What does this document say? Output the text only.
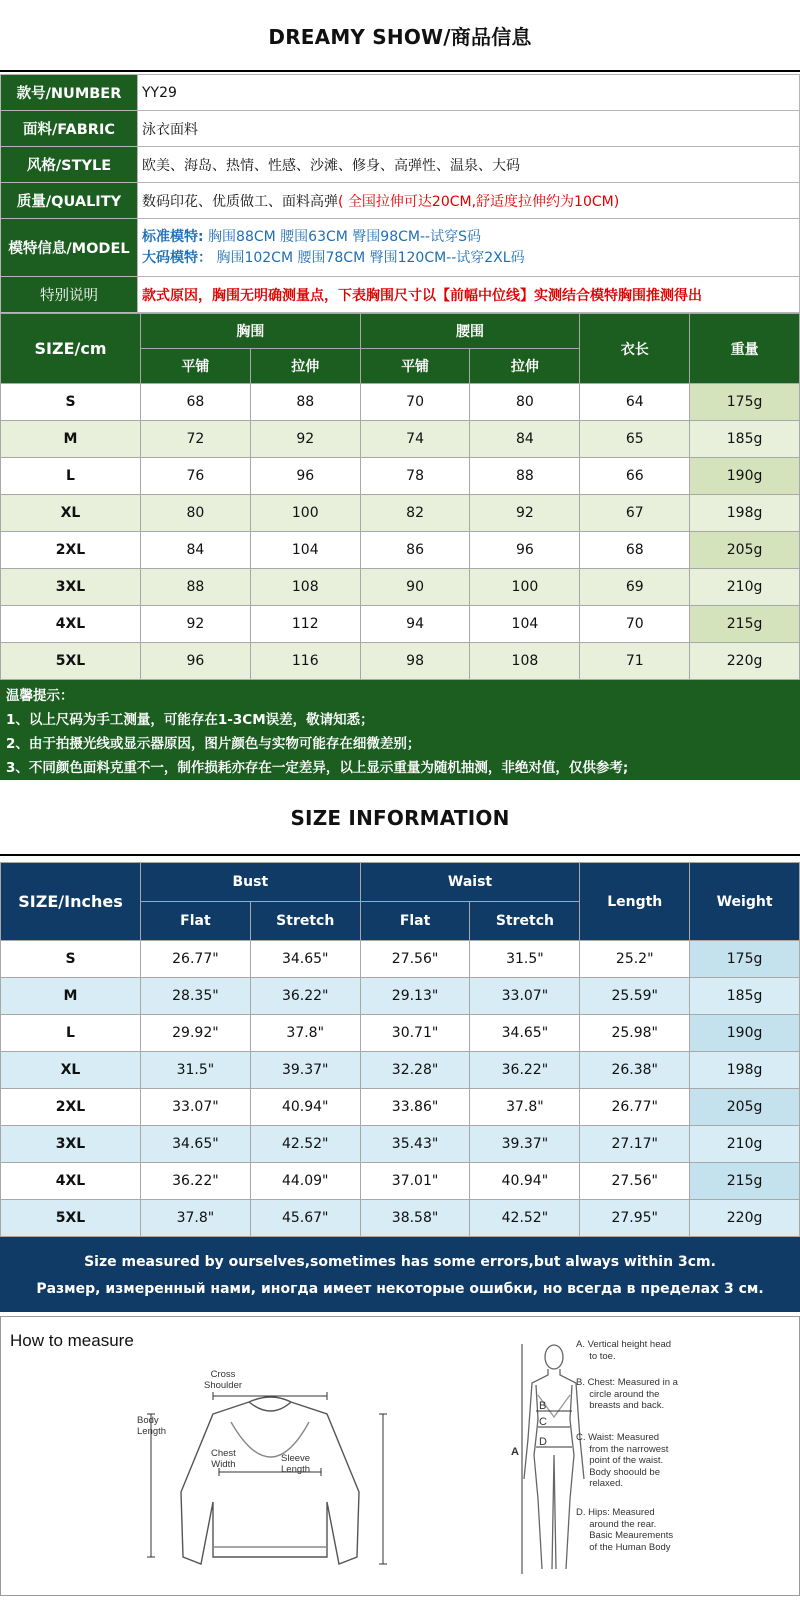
DREAMY SHOW/商品信息
款号/NUMBER	YY29
面料/FABRIC	泳衣面料
风格/STYLE	欧美、海岛、热情、性感、沙滩、修身、高弹性、温泉、大码
质量/QUALITY	数码印花、优质做工、面料高弹( 全国拉伸可达20CM,舒适度拉伸约为10CM)
模特信息/MODEL	标准模特: 胸围88CM 腰围63CM 臀围98CM--试穿S码
大码模特： 胸围102CM 腰围78CM 臀围120CM--试穿2XL码

特别说明	款式原因，胸围无明确测量点，下表胸围尺寸以【前幅中位线】实测结合模特胸围推测得出
SIZE/cm	胸围		腰围		衣长	重量
	平铺	拉伸	平铺	拉伸		
S	68	88	70	80	64	175g
M	72	92	74	84	65	185g
L	76	96	78	88	66	190g
XL	80	100	82	92	67	198g
2XL	84	104	86	96	68	205g
3XL	88	108	90	100	69	210g
4XL	92	112	94	104	70	215g
5XL	96	116	98	108	71	220g
温馨提示：
1、以上尺码为手工测量，可能存在1-3CM误差，敬请知悉；
2、由于拍摄光线或显示器原因，图片颜色与实物可能存在细微差别；
3、不同颜色面料克重不一，制作损耗亦存在一定差异，以上显示重量为随机抽测，非绝对值，仅供参考;
SIZE INFORMATION
SIZE/Inches	Bust		Waist		Length	Weight
	Flat	Stretch	Flat	Stretch		
S	26.77"	34.65"	27.56"	31.5"	25.2"	175g
M	28.35"	36.22"	29.13"	33.07"	25.59"	185g
L	29.92"	37.8"	30.71"	34.65"	25.98"	190g
XL	31.5"	39.37"	32.28"	36.22"	26.38"	198g
2XL	33.07"	40.94"	33.86"	37.8"	26.77"	205g
3XL	34.65"	42.52"	35.43"	39.37"	27.17"	210g
4XL	36.22"	44.09"	37.01"	40.94"	27.56"	215g
5XL	37.8"	45.67"	38.58"	42.52"	27.95"	220g
Size measured by ourselves,sometimes has some errors,but always within 3cm.
Размер, измеренный нами, иногда имеет некоторые ошибки, но всегда в пределах 3 см.
How to measure
Cross
Shoulder
Body
Length
Chest
Width
Sleeve
Length
A
B
C
D
A. Vertical height head
to toe.
B. Chest: Measured in a
circle around the
breasts and back.
C. Waist: Measured
from the narrowest
point of the waist.
Body shoould be
relaxed.
D. Hips: Measured
around the rear.
Basic Meaurements
of the Human Body
